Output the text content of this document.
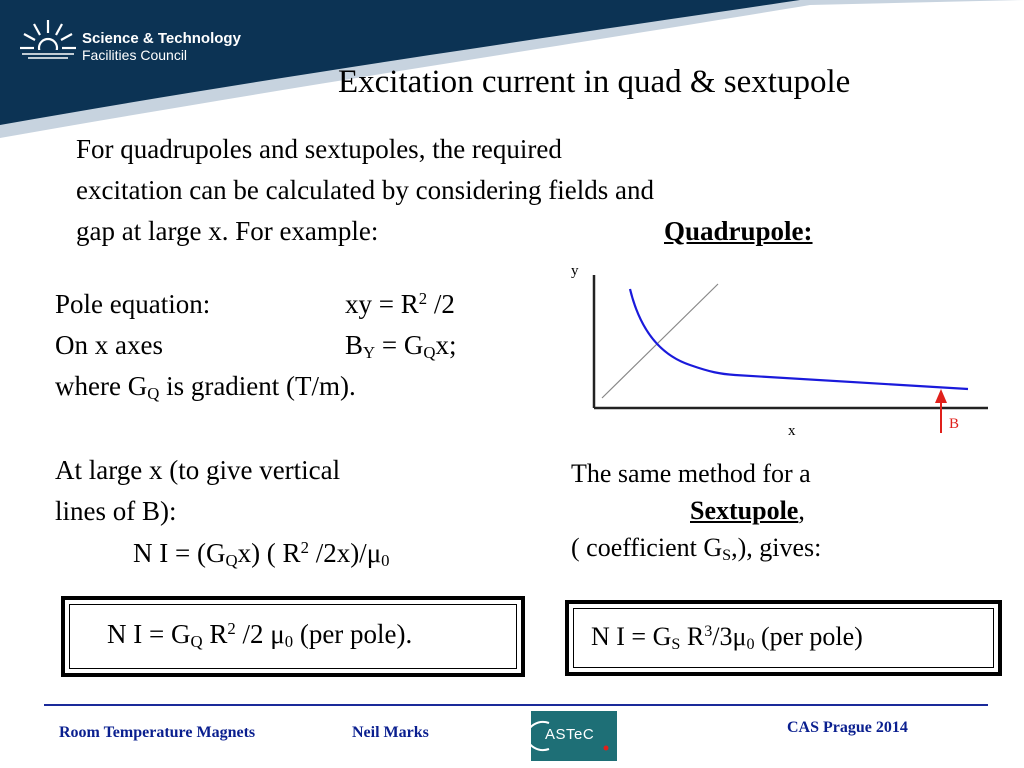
Science & Technology
Facilities Council
Excitation current in quad & sextupole
For quadrupoles and sextupoles, the required
excitation can be calculated by considering fields and
gap at large x. For example:	Quadrupole:
Pole equation:	xy = $R^2$ /2
On x axes	$B_Y = G_Qx$;
where $G_Q$ is gradient (T/m).
At large x (to give vertical
lines of B):
N $I = (G_Qx)$ ( $R^2$ $/2x)/\mu_0$
N $I = G_Q$ $R^2$ /2 $\mu_0$ (per pole).
y
x	B
The same method for a
Sextupole,
( coefficient $G_S$,), gives:
N $I = G_S$ $R^3/3\mu_0$ (per pole)
Room Temperature Magnets	Neil Marks	CAS Prague 2014
ASTeC
